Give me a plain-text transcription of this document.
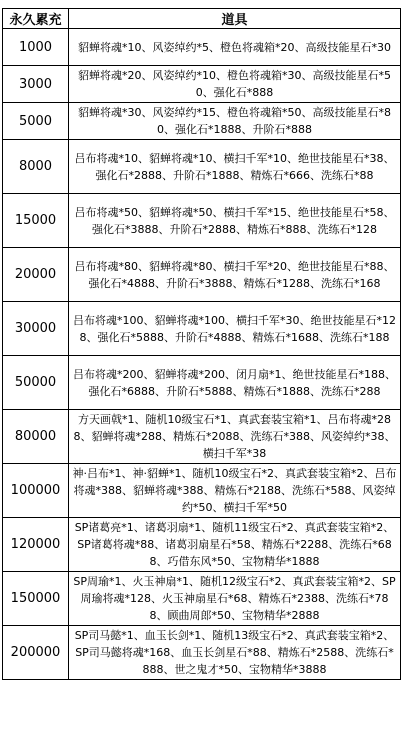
永久累充	道具
1000	貂蝉将魂*10、风姿绰约*5、橙色将魂箱*20、高级技能星石*30
3000	貂蝉将魂*20、风姿绰约*10、橙色将魂箱*30、高级技能星石*50、强化石*888
5000	貂蝉将魂*30、风姿绰约*15、橙色将魂箱*50、高级技能星石*80、强化石*1888、升阶石*888
8000	吕布将魂*10、貂蝉将魂*10、横扫千军*10、绝世技能星石*38、强化石*2888、升阶石*1888、精炼石*666、洗练石*88
15000	吕布将魂*50、貂蝉将魂*50、横扫千军*15、绝世技能星石*58、强化石*3888、升阶石*2888、精炼石*888、洗练石*128
20000	吕布将魂*80、貂蝉将魂*80、横扫千军*20、绝世技能星石*88、强化石*4888、升阶石*3888、精炼石*1288、洗练石*168
30000	吕布将魂*100、貂蝉将魂*100、横扫千军*30、绝世技能星石*128、强化石*5888、升阶石*4888、精炼石*1688、洗练石*188
50000	吕布将魂*200、貂蝉将魂*200、闭月扇*1、绝世技能星石*188、强化石*6888、升阶石*5888、精炼石*1888、洗练石*288
80000	方天画戟*1、随机10级宝石*1、真武套装宝箱*1、吕布将魂*288、貂蝉将魂*288、精炼石*2088、洗练石*388、风姿绰约*38、横扫千军*38
100000	神·吕布*1、神·貂蝉*1、随机10级宝石*2、真武套装宝箱*2、吕布将魂*388、貂蝉将魂*388、精炼石*2188、洗练石*588、风姿绰约*50、横扫千军*50
120000	SP诸葛亮*1、诸葛羽扇*1、随机11级宝石*2、真武套装宝箱*2、SP诸葛将魂*88、诸葛羽扇星石*58、精炼石*2288、洗练石*688、巧借东风*50、宝物精华*1888
150000	SP周瑜*1、火玉神扇*1、随机12级宝石*2、真武套装宝箱*2、SP周瑜将魂*128、火玉神扇星石*68、精炼石*2388、洗练石*788、顾曲周郎*50、宝物精华*2888
200000	SP司马懿*1、血玉长剑*1、随机13级宝石*2、真武套装宝箱*2、SP司马懿将魂*168、血玉长剑星石*88、精炼石*2588、洗练石*888、世之鬼才*50、宝物精华*3888
